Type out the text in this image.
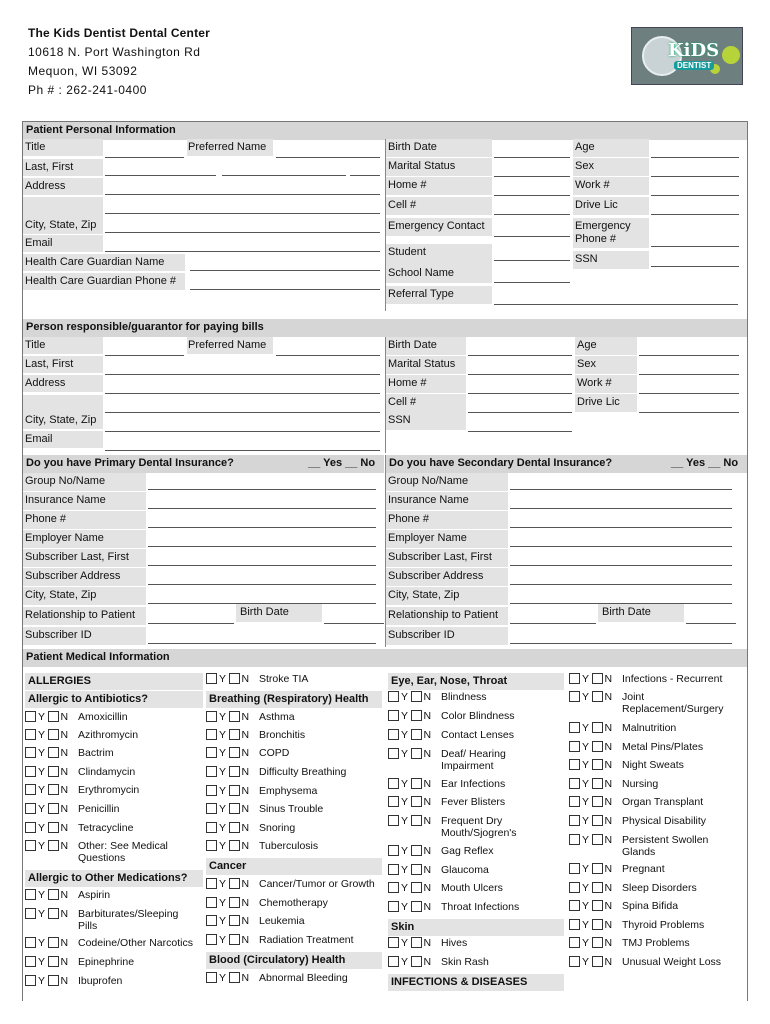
The Kids Dentist Dental Center
10618 N. Port Washington Rd
Mequon, WI 53092
Ph # : 262-241-0400
KiDS
DENTIST
Patient Personal Information
Title
Last, First
Address
City, State, Zip
Email
Health Care Guardian Name
Health Care Guardian Phone #
Preferred Name	Birth Date
Marital Status
Home #
Cell #
Emergency Contact
Student
School Name
Referral Type
Age
Sex
Work #
Drive Lic
Emergency Phone #
SSN
Person responsible/guarantor for paying bills
Title
Last, First
Address
City, State, Zip
Email
Preferred Name	Birth Date
Marital Status
Home #
Cell #
SSN
Age
Sex
Work #
Drive Lic
Do you have Primary Dental Insurance?	Do you have Secondary Dental Insurance?
__ Yes __ No	__ Yes __ No
Group No/Name
Insurance Name
Phone #
Employer Name
Subscriber Last, First
Subscriber Address
City, State, Zip
Relationship to Patient	Birth Date
Subscriber ID
Group No/Name
Insurance Name
Phone #
Employer Name
Subscriber Last, First
Subscriber Address
City, State, Zip
Relationship to Patient	Birth Date
Subscriber ID
Patient Medical Information
ALLERGIES
Allergic to Antibiotics?
Y N Amoxicillin
Y N Azithromycin
Y N Bactrim
Y N Clindamycin
Y N Erythromycin
Y N Penicillin
Y N Tetracycline
Y N Other: See Medical Questions
Allergic to Other Medications?
Y N Aspirin
Y N Barbiturates/Sleeping Pills
Y N Codeine/Other Narcotics
Y N Epinephrine
Y N Ibuprofen
Y N Stroke TIA
Breathing (Respiratory) Health
Y N Asthma
Y N Bronchitis
Y N COPD
Y N Difficulty Breathing
Y N Emphysema
Y N Sinus Trouble
Y N Snoring
Y N Tuberculosis
Cancer
Y N Cancer/Tumor or Growth
Y N Chemotherapy
Y N Leukemia
Y N Radiation Treatment
Blood (Circulatory) Health
Y N Abnormal Bleeding
Eye, Ear, Nose, Throat
Y N Blindness
Y N Color Blindness
Y N Contact Lenses
Y N Deaf/ Hearing Impairment
Y N Ear Infections
Y N Fever Blisters
Y N Frequent Dry Mouth/Sjogren's
Y N Gag Reflex
Y N Glaucoma
Y N Mouth Ulcers
Y N Throat Infections
Skin
Y N Hives
Y N Skin Rash
INFECTIONS & DISEASES
Y N Infections - Recurrent
Y N Joint Replacement/Surgery
Y N Malnutrition
Y N Metal Pins/Plates
Y N Night Sweats
Y N Nursing
Y N Organ Transplant
Y N Physical Disability
Y N Persistent Swollen Glands
Y N Pregnant
Y N Sleep Disorders
Y N Spina Bifida
Y N Thyroid Problems
Y N TMJ Problems
Y N Unusual Weight Loss
